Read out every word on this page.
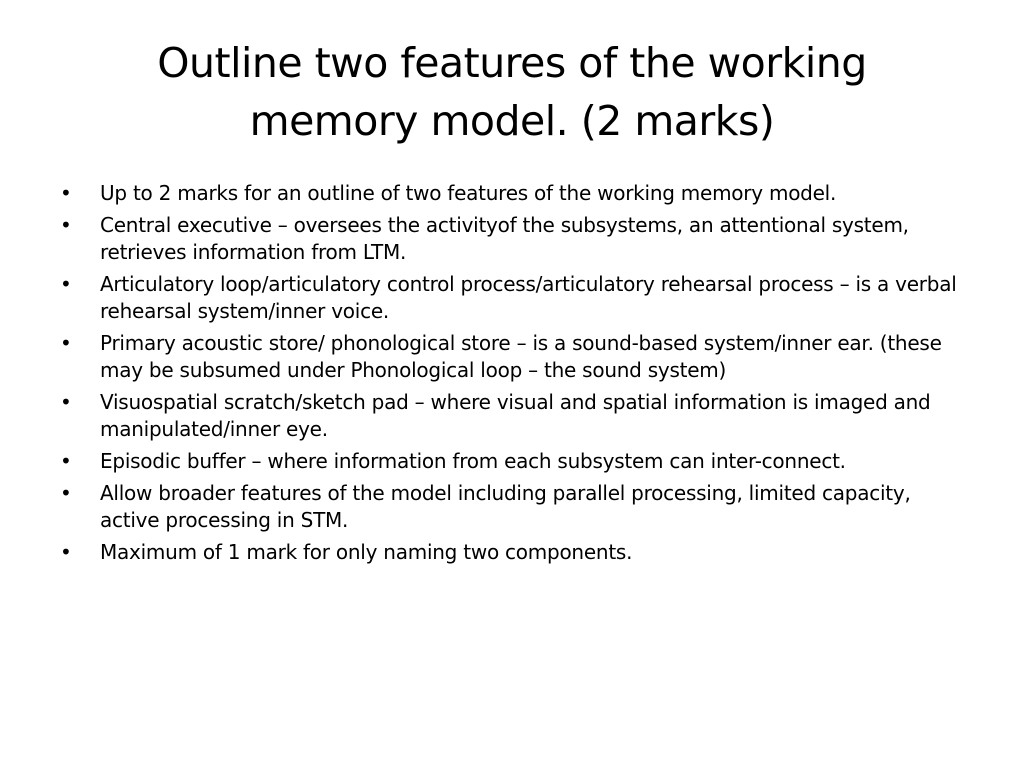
Outline two features of the working memory model. (2 marks)
• Up to 2 marks for an outline of two features of the working memory model.
• Central executive – oversees the activityof the subsystems, an attentional system, retrieves information from LTM.
• Articulatory loop/articulatory control process/articulatory rehearsal process – is a verbal rehearsal system/inner voice.
• Primary acoustic store/ phonological store – is a sound-based system/inner ear. (these may be subsumed under Phonological loop – the sound system)
• Visuospatial scratch/sketch pad – where visual and spatial information is imaged and manipulated/inner eye.
• Episodic buffer – where information from each subsystem can inter-connect.
• Allow broader features of the model including parallel processing, limited capacity, active processing in STM.
• Maximum of 1 mark for only naming two components.
